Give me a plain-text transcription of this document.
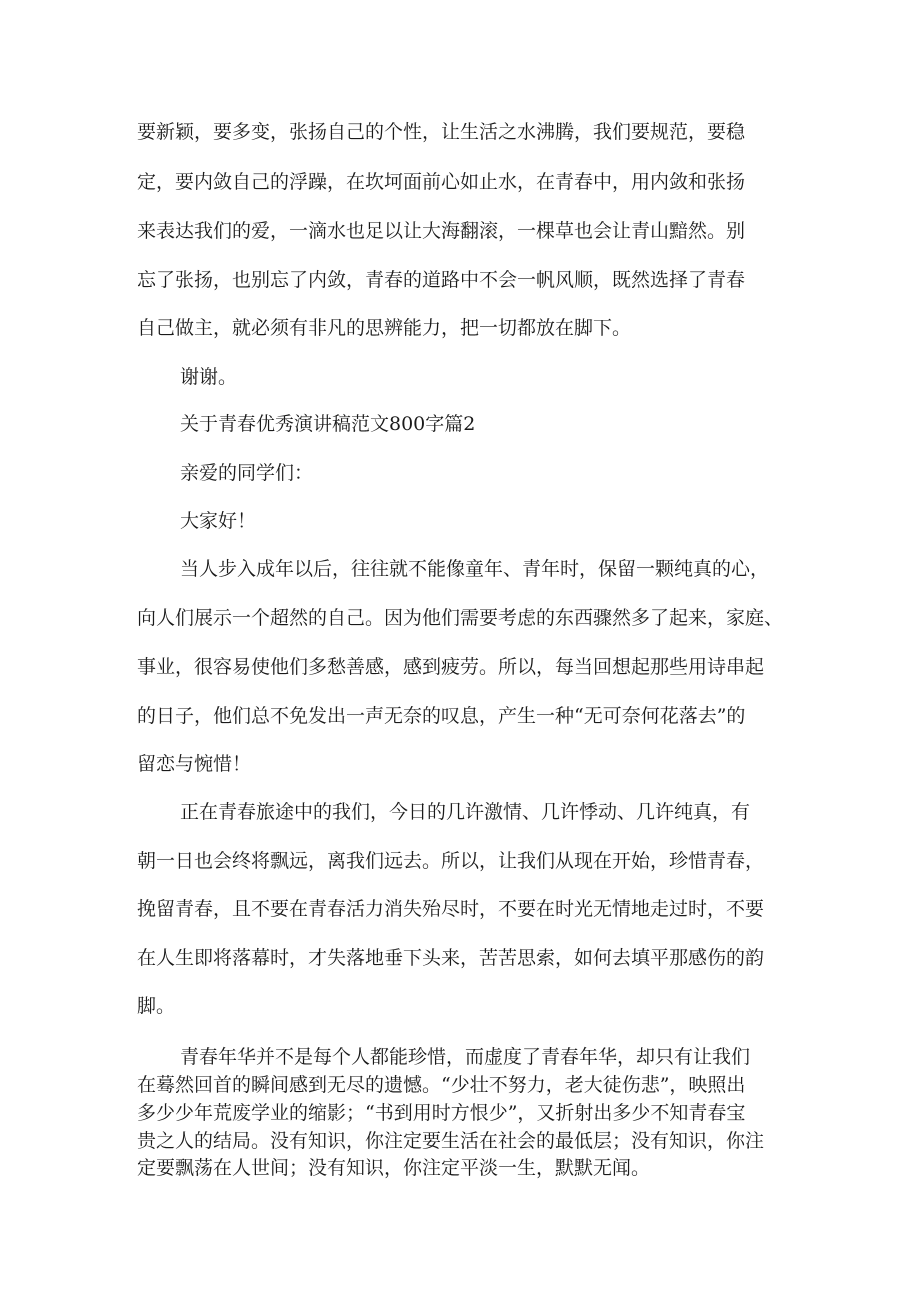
要新颖，要多变，张扬自己的个性，让生活之水沸腾，我们要规范，要稳

定，要内敛自己的浮躁，在坎坷面前心如止水，在青春中，用内敛和张扬

来表达我们的爱，一滴水也足以让大海翻滚，一棵草也会让青山黯然。别

忘了张扬，也别忘了内敛，青春的道路中不会一帆风顺，既然选择了青春

自己做主，就必须有非凡的思辨能力，把一切都放在脚下。

谢谢。

关于青春优秀演讲稿范文800字篇2

亲爱的同学们：

大家好！

当人步入成年以后，往往就不能像童年、青年时，保留一颗纯真的心，

向人们展示一个超然的自己。因为他们需要考虑的东西骤然多了起来，家庭、

事业，很容易使他们多愁善感，感到疲劳。所以，每当回想起那些用诗串起

的日子，他们总不免发出一声无奈的叹息，产生一种“无可奈何花落去”的

留恋与惋惜！

正在青春旅途中的我们，今日的几许激情、几许悸动、几许纯真，有

朝一日也会终将飘远，离我们远去。所以，让我们从现在开始，珍惜青春，

挽留青春，且不要在青春活力消失殆尽时，不要在时光无情地走过时，不要

在人生即将落幕时，才失落地垂下头来，苦苦思索，如何去填平那感伤的韵

脚。

青春年华并不是每个人都能珍惜，而虚度了青春年华，却只有让我们

在蓦然回首的瞬间感到无尽的遗憾。“少壮不努力，老大徒伤悲”，映照出

多少少年荒废学业的缩影；“书到用时方恨少”，又折射出多少不知青春宝

贵之人的结局。没有知识，你注定要生活在社会的最低层；没有知识，你注

定要飘荡在人世间；没有知识，你注定平淡一生，默默无闻。
